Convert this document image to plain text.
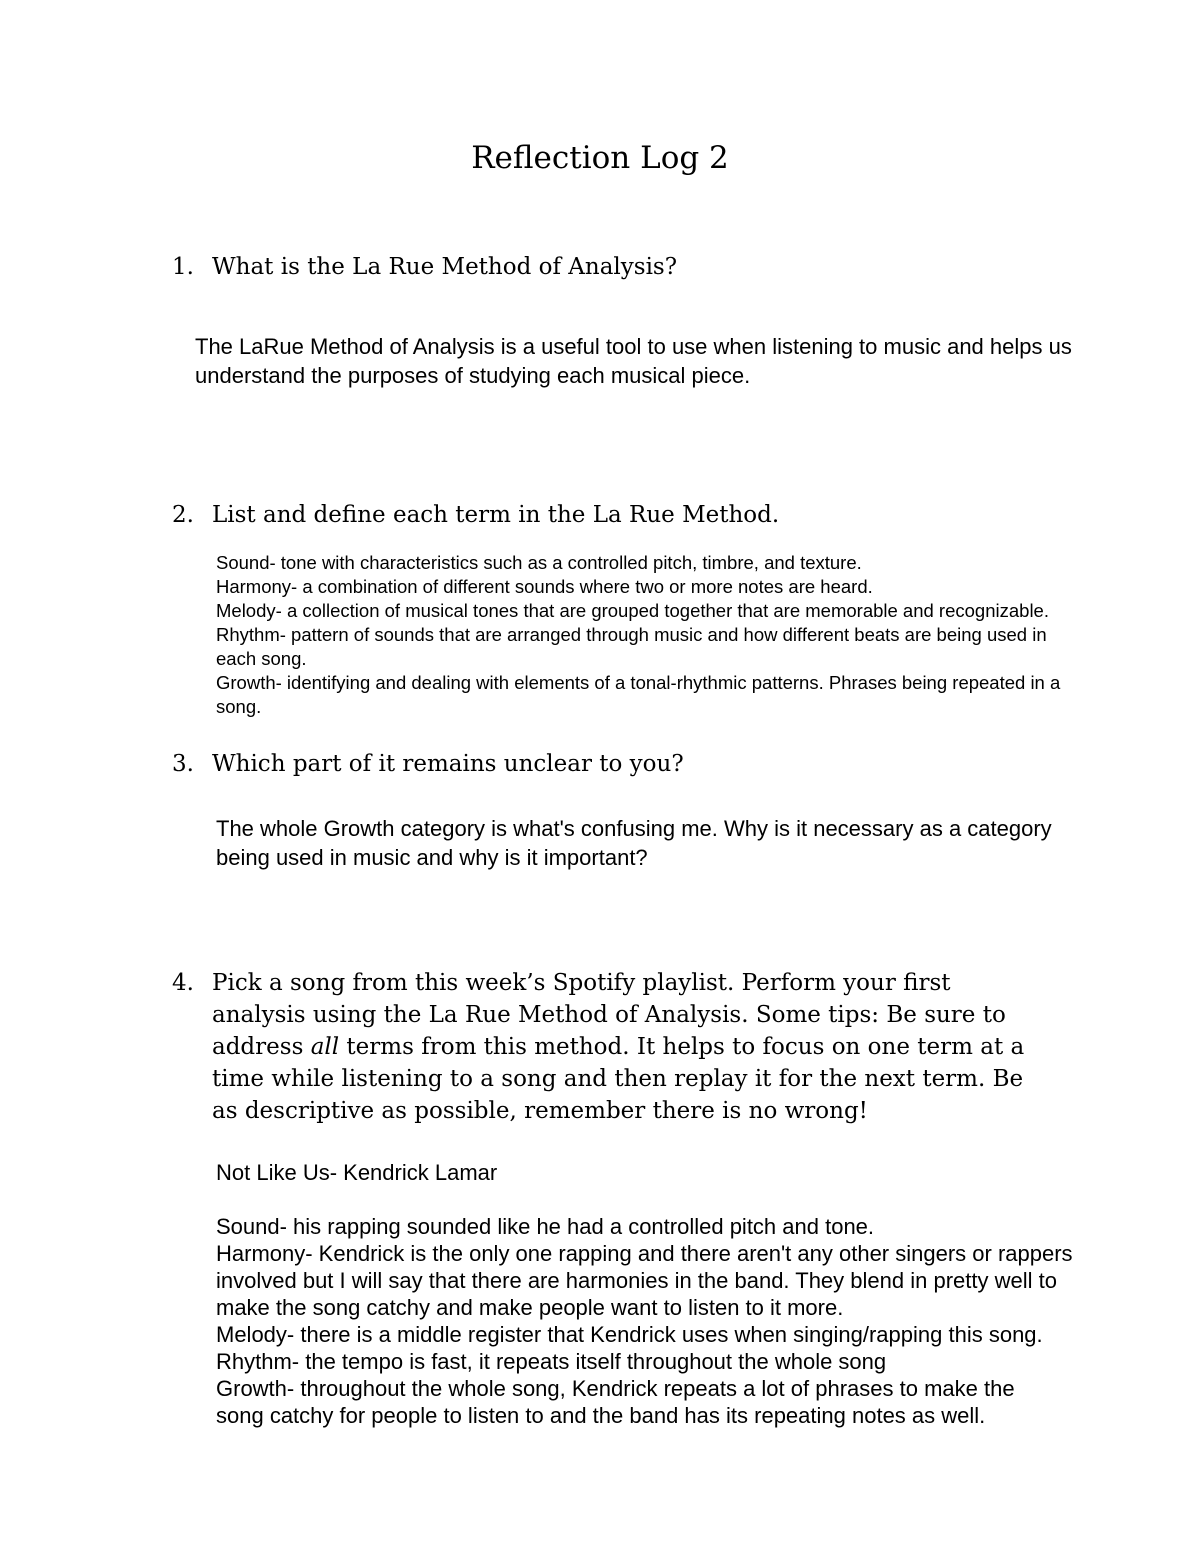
Reflection Log 2
1. What is the La Rue Method of Analysis?

The LaRue Method of Analysis is a useful tool to use when listening to music and helps us

understand the purposes of studying each musical piece.

2. List and define each term in the La Rue Method.

Sound- tone with characteristics such as a controlled pitch, timbre, and texture.

Harmony- a combination of different sounds where two or more notes are heard.

Melody- a collection of musical tones that are grouped together that are memorable and recognizable.

Rhythm- pattern of sounds that are arranged through music and how different beats are being used in

each song.

Growth- identifying and dealing with elements of a tonal-rhythmic patterns. Phrases being repeated in a

song.

3. Which part of it remains unclear to you?

The whole Growth category is what's confusing me. Why is it necessary as a category

being used in music and why is it important?

4. Pick a song from this week’s Spotify playlist. Perform your first
analysis using the La Rue Method of Analysis. Some tips: Be sure to
address all terms from this method. It helps to focus on one term at a
time while listening to a song and then replay it for the next term. Be
as descriptive as possible, remember there is no wrong!

Not Like Us- Kendrick Lamar

Sound- his rapping sounded like he had a controlled pitch and tone.

Harmony- Kendrick is the only one rapping and there aren't any other singers or rappers

involved but I will say that there are harmonies in the band. They blend in pretty well to

make the song catchy and make people want to listen to it more.

Melody- there is a middle register that Kendrick uses when singing/rapping this song.

Rhythm- the tempo is fast, it repeats itself throughout the whole song

Growth- throughout the whole song, Kendrick repeats a lot of phrases to make the

song catchy for people to listen to and the band has its repeating notes as well.
